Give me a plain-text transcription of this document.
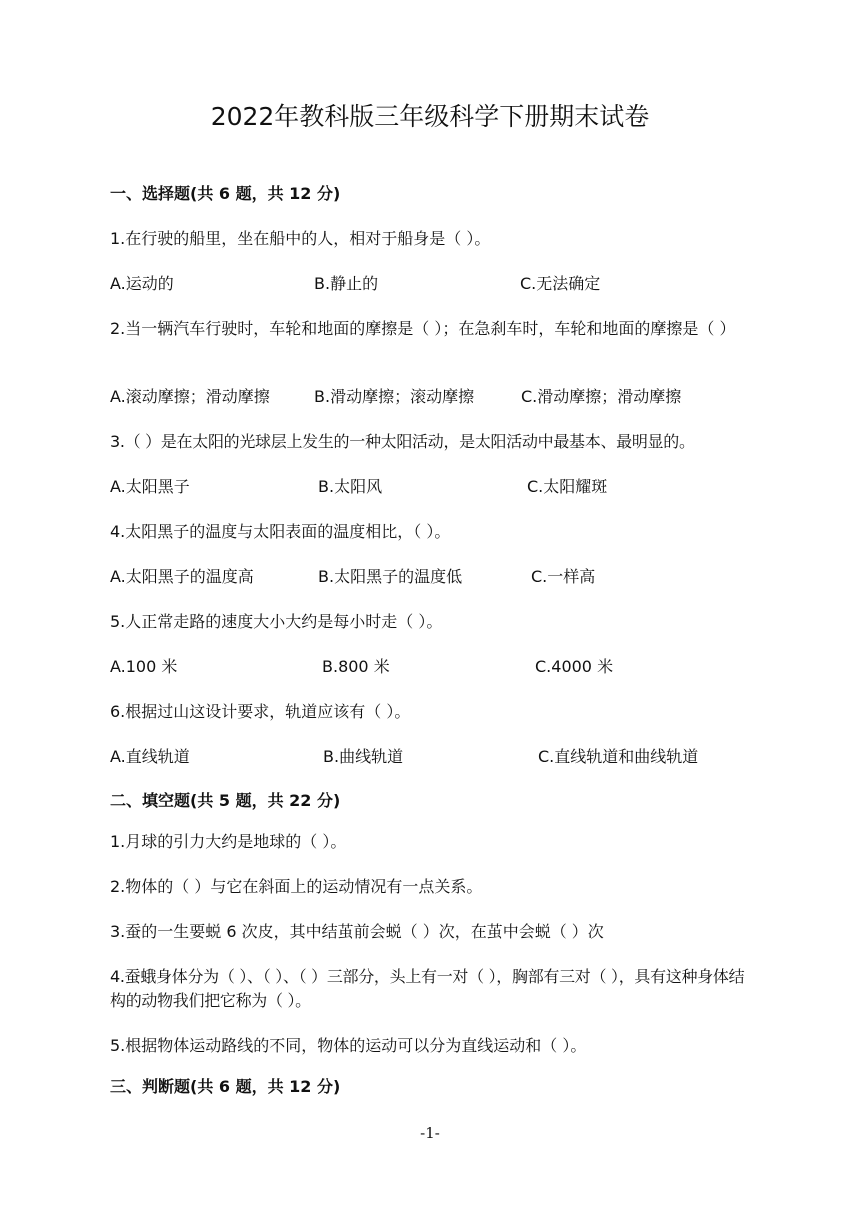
2022年教科版三年级科学下册期末试卷
一、选择题(共 6 题，共 12 分)
1.在行驶的船里，坐在船中的人，相对于船身是（ ）。
A.运动的	B.静止的	C.无法确定
2.当一辆汽车行驶时，车轮和地面的摩擦是（ ）；在急刹车时，车轮和地面的摩擦是（ ）
A.滚动摩擦；滑动摩擦	B.滑动摩擦；滚动摩擦	C.滑动摩擦；滑动摩擦
3.（ ）是在太阳的光球层上发生的一种太阳活动，是太阳活动中最基本、最明显的。
A.太阳黑子	B.太阳风	C.太阳耀斑
4.太阳黑子的温度与太阳表面的温度相比，（ ）。
A.太阳黑子的温度高	B.太阳黑子的温度低	C.一样高
5.人正常走路的速度大小大约是每小时走（ ）。
A.100 米	B.800 米	C.4000 米
6.根据过山这设计要求，轨道应该有（ ）。
A.直线轨道	B.曲线轨道	C.直线轨道和曲线轨道
二、填空题(共 5 题，共 22 分)
1.月球的引力大约是地球的（ ）。
2.物体的（ ）与它在斜面上的运动情况有一点关系。
3.蚕的一生要蜕 6 次皮，其中结茧前会蜕（ ）次，在茧中会蜕（ ）次
4.蚕蛾身体分为（ ）、（ ）、（ ）三部分，头上有一对（ ），胸部有三对（ ），具有这种身体结构的动物我们把它称为（ ）。
5.根据物体运动路线的不同，物体的运动可以分为直线运动和（ ）。
三、判断题(共 6 题，共 12 分)
-1-
